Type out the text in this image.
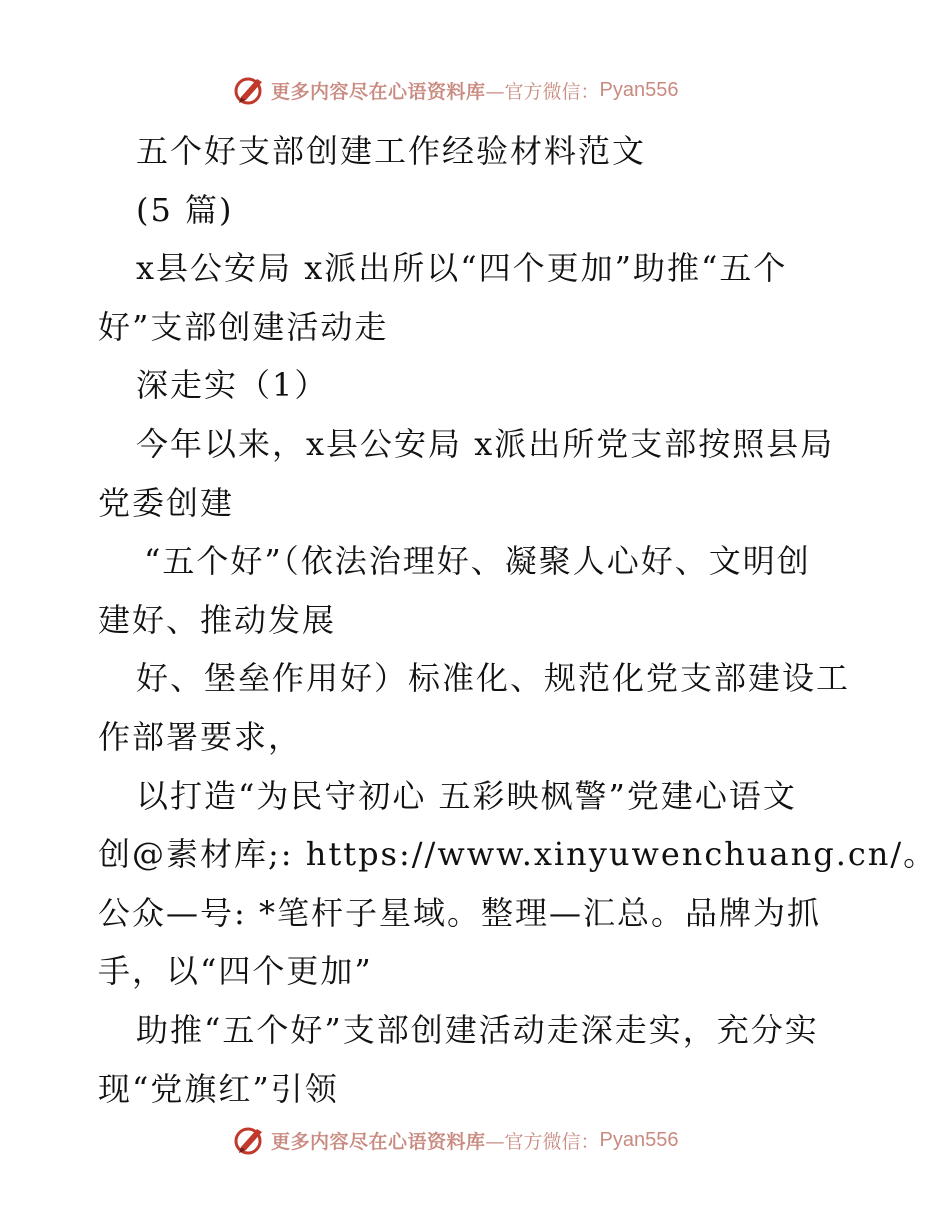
更多内容尽在心语资料库 —官方微信： Pyan556
五个好支部创建工作经验材料范文
(5 篇)
x县公安局 x派出所以“四个更加”助推“五个
好”支部创建活动走
深走实（1）
今年以来，x县公安局 x派出所党支部按照县局
党委创建
“五个好”（依法治理好、凝聚人心好、文明创
建好、推动发展
好、堡垒作用好）标准化、规范化党支部建设工
作部署要求，
以打造“为民守初心 五彩映枫警”党建心语文
创@素材库;: https://www.xinyuwenchuang.cn/。
公众—号: *笔杆子星域。整理—汇总。品牌为抓
手，以“四个更加”
助推“五个好”支部创建活动走深走实，充分实
现“党旗红”引领
更多内容尽在心语资料库 —官方微信： Pyan556
